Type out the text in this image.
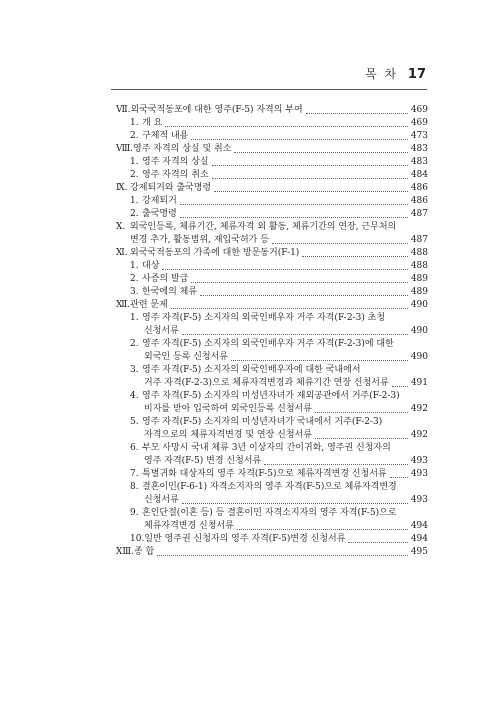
목 차 17
Ⅶ. 외국국적동포에 대한 영주(F-5) 자격의 부여	469
1. 개 요	469
2. 구체적 내용	473
Ⅷ. 영주 자격의 상실 및 취소	483
1. 영주 자격의 상실	483
2. 영주 자격의 취소	484
Ⅸ. 강제퇴거와 출국명령	486
1. 강제퇴거	486
2. 출국명령	487
Ⅹ. 외국인등록, 체류기간, 체류자격 외 활동, 체류기간의 연장, 근무처의
변경 추가, 활동범위, 재입국허가 등	487
Ⅺ. 외국국적동포의 가족에 대한 방문동거(F-1)	488
1. 대상	488
2. 사증의 발급	489
3. 한국에의 체류	489
Ⅻ. 관련 문제	490
1. 영주 자격(F-5) 소지자의 외국인배우자 거주 자격(F-2-3) 초청
신청서류	490
2. 영주 자격(F-5) 소지자의 외국인배우자 거주 자격(F-2-3)에 대한
외국인 등록 신청서류	490
3. 영주 자격(F-5) 소지자의 외국인배우자에 대한 국내에서
거주 자격(F-2-3)으로 체류자격변경과 체류기간 연장 신청서류 491
4. 영주 자격(F-5) 소지자의 미성년자녀가 재외공관에서 거주(F-2-3)
비자를 받아 입국하여 외국인등록 신청서류	492
5. 영주 자격(F-5) 소지자의 미성년자녀가 국내에서 거주(F-2-3)
자격으로의 체류자격변경 및 연장 신청서류	492
6. 부모 사망시 국내 체류 3년 이상자의 간이귀화, 영주권 신청자의
영주 자격(F-5) 변경 신청서류	493
7. 특별귀화 대상자의 영주 자격(F-5)으로 체류자격변경 신청서류	493
8. 결혼이민(F-6-1) 자격소지자의 영주 자격(F-5)으로 체류자격변경
신청서류	493
9. 혼인단절(이혼 등) 등 결혼이민 자격소지자의 영주 자격(F-5)으로
체류자격변경 신청서류	494
10. 일반 영주권 신청자의 영주 자격(F-5)변경 신청서류	494
ⅩⅢ. 종 합	495
